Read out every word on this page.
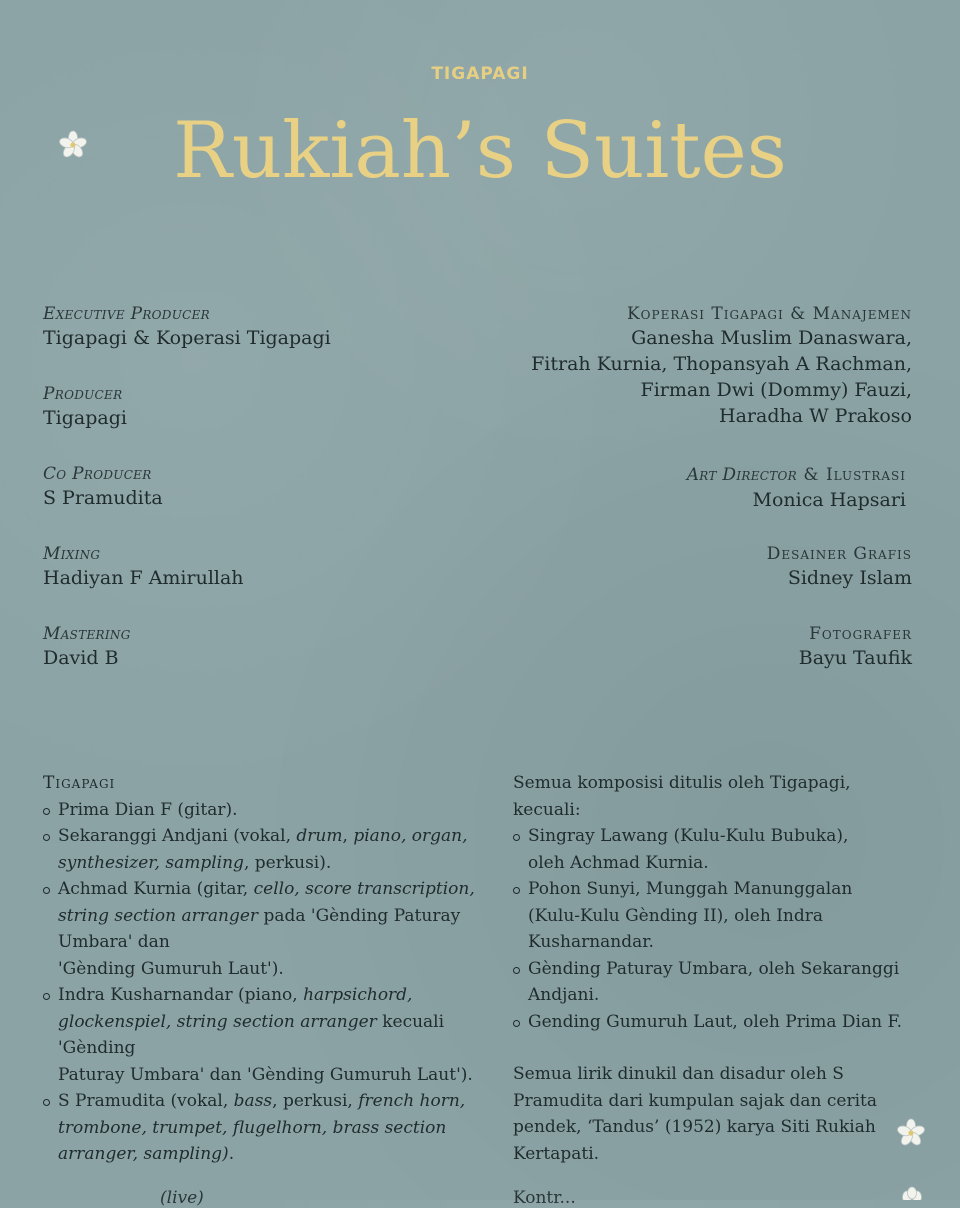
TIGAPAGI
Rukiah’s Suites
Executive Producer
Tigapagi & Koperasi Tigapagi
Producer
Tigapagi
Co Producer
S Pramudita
Mixing
Hadiyan F Amirullah
Mastering
David B
Koperasi Tigapagi & Manajemen
Ganesha Muslim Danaswara,
Fitrah Kurnia, Thopansyah A Rachman,
Firman Dwi (Dommy) Fauzi,
Haradha W Prakoso
Art Director & Ilustrasi
Monica Hapsari
Desainer Grafis
Sidney Islam
Fotografer
Bayu Taufik
Tigapagi
Prima Dian F (gitar).
Sekaranggi Andjani (vokal, drum, piano, organ,
synthesizer, sampling, perkusi).
Achmad Kurnia (gitar, cello, score transcription,
string section arranger pada 'Gènding Paturay
Umbara' dan
'Gènding Gumuruh Laut').
Indra Kusharnandar (piano, harpsichord,
glockenspiel, string section arranger kecuali 'Gènding
Paturay Umbara' dan 'Gènding Gumuruh Laut').
S Pramudita (vokal, bass, perkusi, french horn,
trombone, trumpet, flugelhorn, brass section
arranger, sampling).
Semua komposisi ditulis oleh Tigapagi, kecuali:
Singray Lawang (Kulu-Kulu Bubuka),
oleh Achmad Kurnia.
Pohon Sunyi, Munggah Manunggalan
(Kulu-Kulu Gènding II), oleh Indra
Kusharnandar.
Gènding Paturay Umbara, oleh Sekaranggi
Andjani.
Gending Gumuruh Laut, oleh Prima Dian F.
Semua lirik dinukil dan disadur oleh S
Pramudita dari kumpulan sajak dan cerita
pendek, ‘Tandus’ (1952) karya Siti Rukiah
Kertapati.
(live)	Kontr...
